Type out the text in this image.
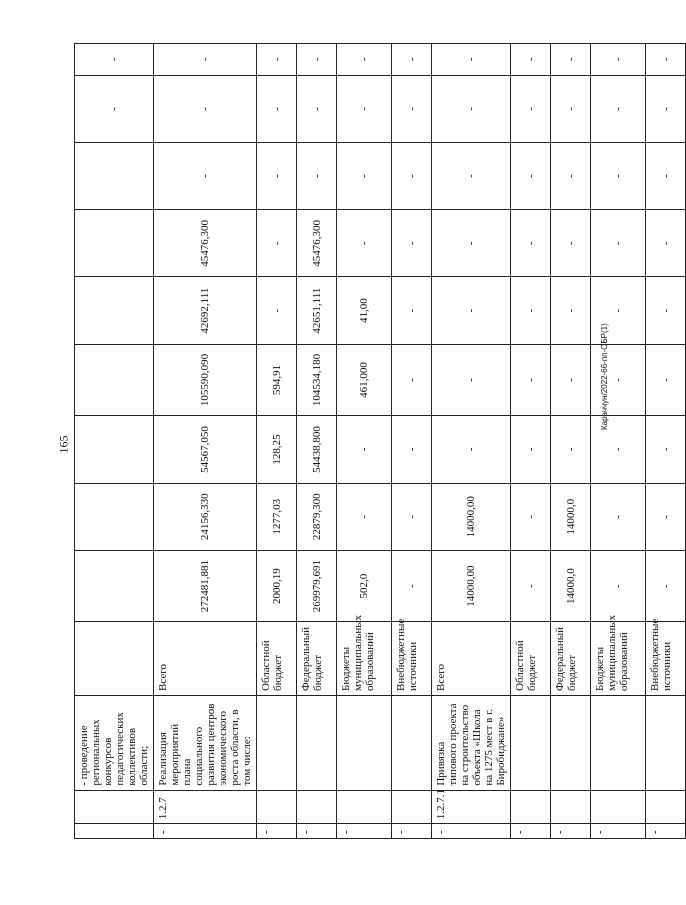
165
Караччун/2022-66-пп-ОБР(1)
		- проведение региональных конкурсов педагогических коллективов области;									-	-
-	1.2.7	Реализация мероприятий плана социального развития центров экономического роста области, в том числе:	Всего	272481,881	24156,330	54567,050	105590,090	42692,111	45476,300	-	-	-
-			Областной бюджет	2000,19	1277,03	128,25	594,91	-	-	-	-	-
-			Федеральный бюджет	269979,691	22879,300	54438,800	104534,180	42651,111	45476,300	-	-	-
-			Бюджеты муниципальных образований	502,0	-	-	461,000	41,00	-	-	-	-
-			Внебюджетные источники	-	-	-	-	-	-	-	-	-
-	1.2.7.1	Привязка типового проекта на строительство объекта «Школа на 1275 мест в г. Биробиджане»	Всего	14000,00	14000,00	-	-	-	-	-	-	-
-			Областной бюджет	-	-	-	-	-	-	-	-	-
-			Федеральный бюджет	14000,0	14000,0	-	-	-	-	-	-	-
-			Бюджеты муниципальных образований	-	-	-	-	-	-	-	-	-
-			Внебюджетные источники	-	-	-	-	-	-	-	-	-
